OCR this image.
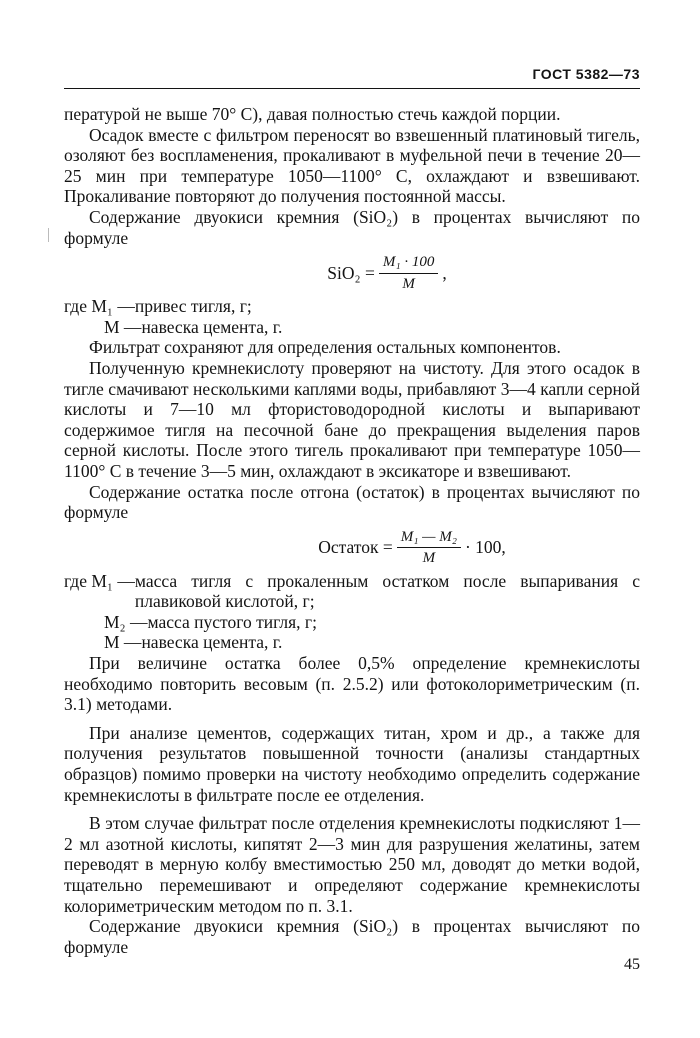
ГОСТ 5382—73

пературой не выше 70° С), давая полностью стечь каждой порции.

Осадок вместе с фильтром переносят во взвешенный платиновый тигель, озоляют без воспламенения, прокаливают в муфельной печи в течение 20—25 мин при температуре 1050—1100° С, охлаждают и взвешивают. Прокаливание повторяют до получения постоянной массы.

Содержание двуокиси кремния (SiO₂) в процентах вычисляют по формуле

$SiO_2 = \frac{\text{M₁ · 100}}{M}$ ,
где M₁ — привес тигля, г;
M — навеска цемента, г.

Фильтрат сохраняют для определения остальных компонентов.

Полученную кремнекислоту проверяют на чистоту. Для этого осадок в тигле смачивают несколькими каплями воды, прибавляют 3—4 капли серной кислоты и 7—10 мл фтористоводородной кислоты и выпаривают содержимое тигля на песочной бане до прекращения выделения паров серной кислоты. После этого тигель прокаливают при температуре 1050—1100° С в течение 3—5 мин, охлаждают в эксикаторе и взвешивают.

Содержание остатка после отгона (остаток) в процентах вычисляют по формуле

Остаток = $\frac{\text{M₁ — M₂}}{M} \cdot 100$,
где M₁ — масса тигля с прокаленным остатком после выпаривания с плавиковой кислотой, г;
M₂ — масса пустого тигля, г;
M — навеска цемента, г.

При величине остатка более 0,5% определение кремнекислоты необходимо повторить весовым (п. 2.5.2) или фотоколориметрическим (п. 3.1) методами.

При анализе цементов, содержащих титан, хром и др., а также для получения результатов повышенной точности (анализы стандартных образцов) помимо проверки на чистоту необходимо определить содержание кремнекислоты в фильтрате после ее отделения.

В этом случае фильтрат после отделения кремнекислоты подкисляют 1—2 мл азотной кислоты, кипятят 2—3 мин для разрушения желатины, затем переводят в мерную колбу вместимостью 250 мл, доводят до метки водой, тщательно перемешивают и определяют содержание кремнекислоты колориметрическим методом по п. 3.1.

Содержание двуокиси кремния (SiO₂) в процентах вычисляют по формуле

45
